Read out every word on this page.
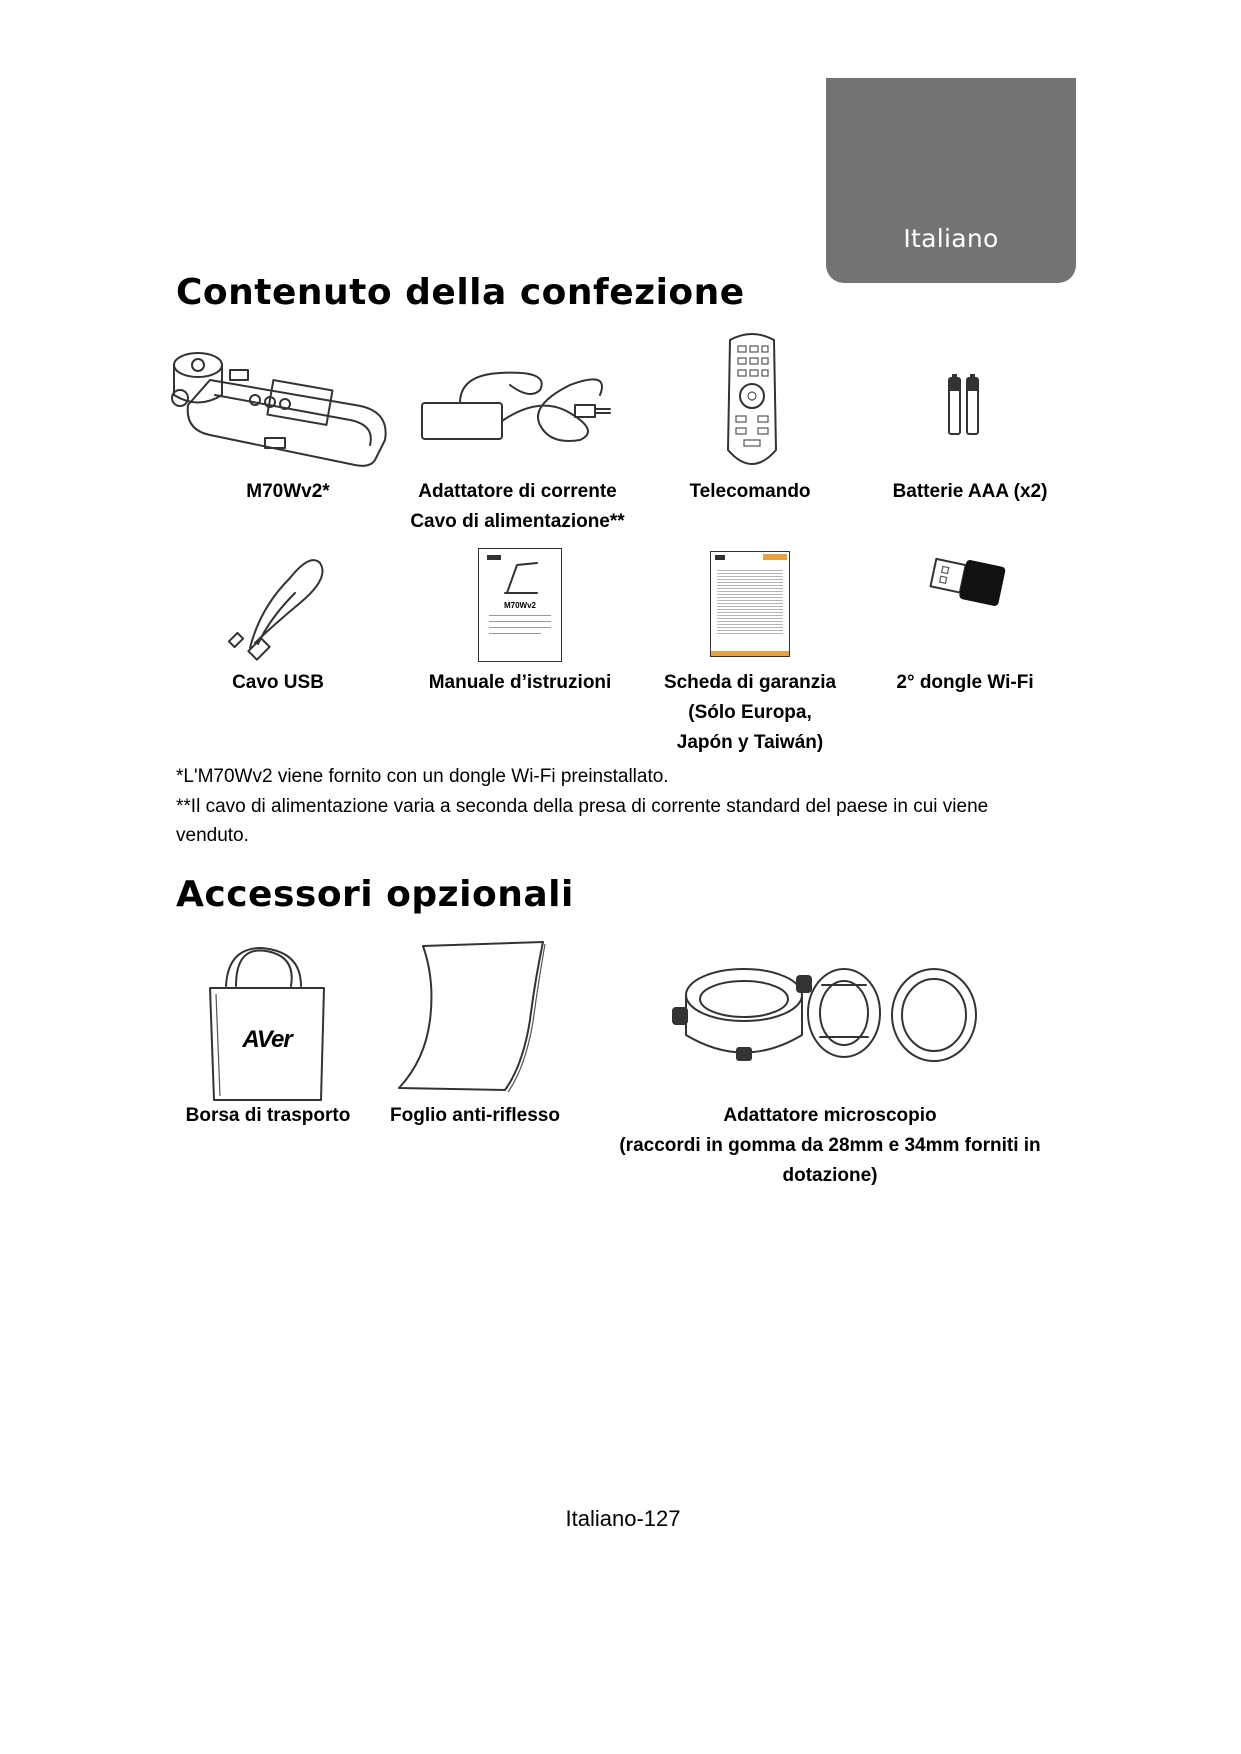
Italiano
Contenuto della confezione
M70Wv2*	Adattatore di corrente
Cavo di alimentazione**
Telecomando	Batterie AAA (x2)
M70Wv2
Cavo USB	Manuale d’istruzioni	Scheda di garanzia
(Sólo Europa,
Japón y Taiwán)
2° dongle Wi-Fi
*L'M70Wv2 viene fornito con un dongle Wi-Fi preinstallato.
**Il cavo di alimentazione varia a seconda della presa di corrente standard del paese in cui viene
venduto.
Accessori opzionali
AVer
Borsa di trasporto	Foglio anti-riflesso	Adattatore microscopio
(raccordi in gomma da 28mm e 34mm forniti in
dotazione)
Italiano-127
